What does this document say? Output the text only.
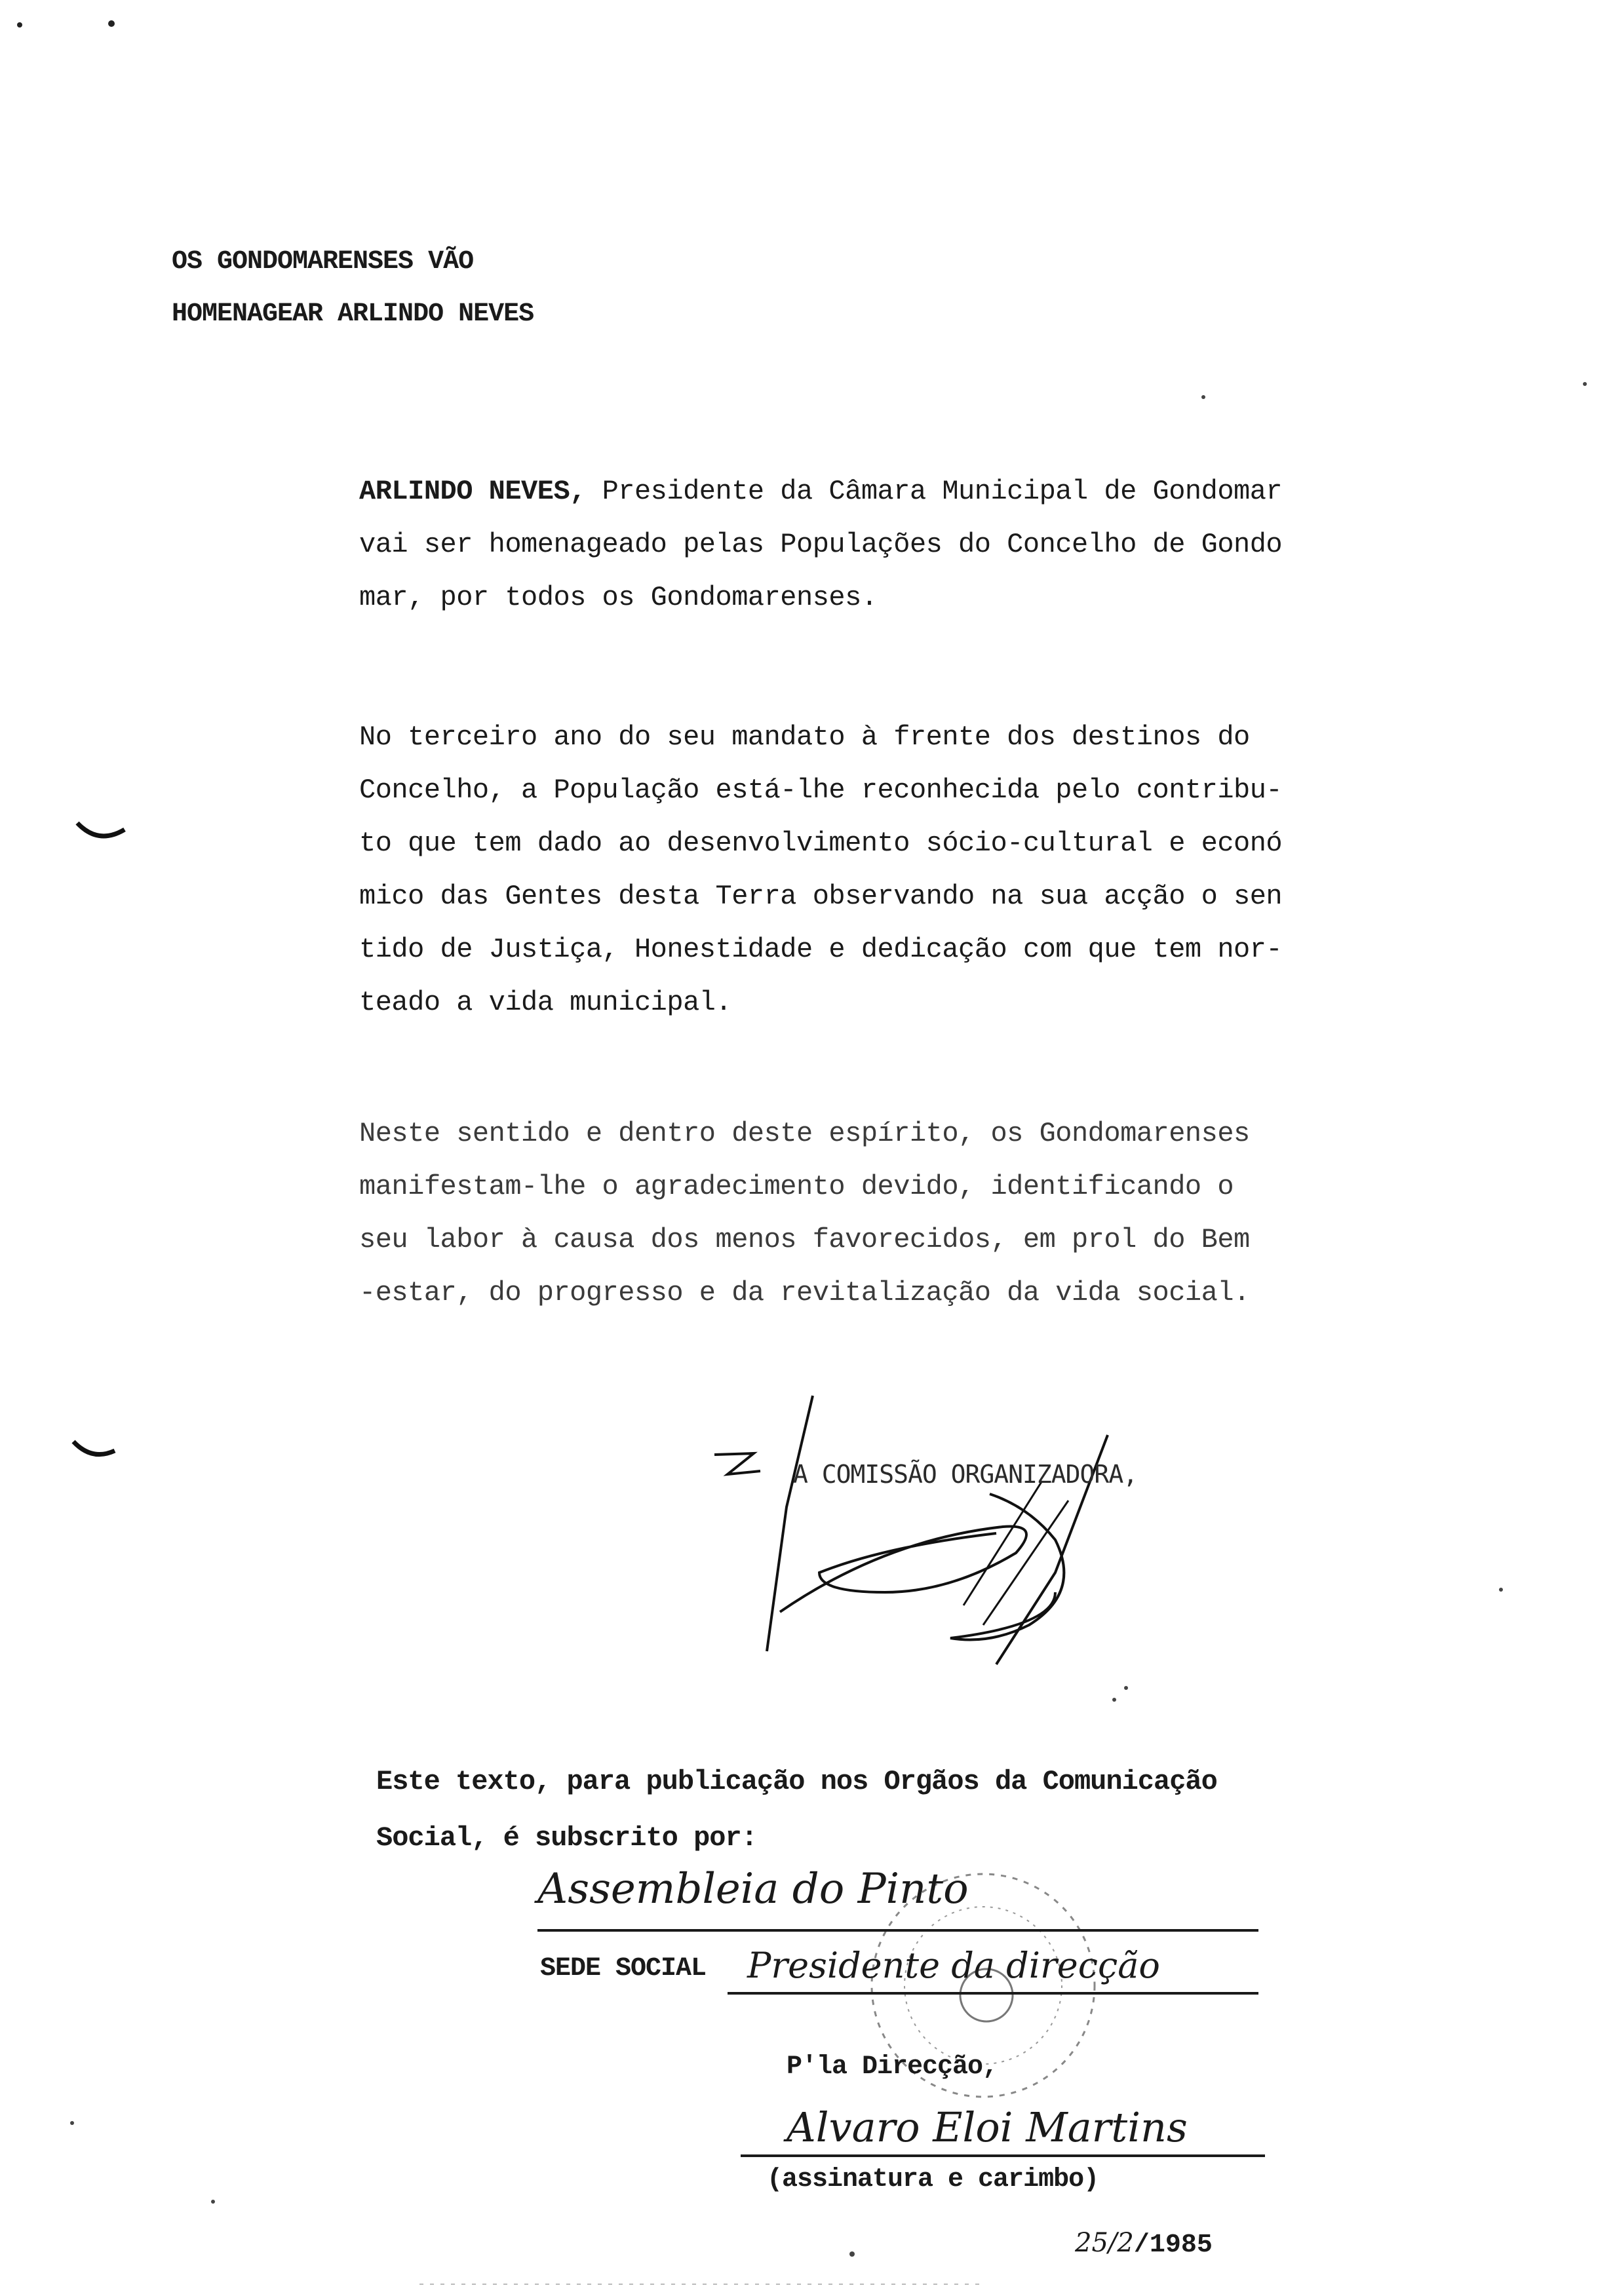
OS GONDOMARENSES VÃO
HOMENAGEAR ARLINDO NEVES
ARLINDO NEVES, Presidente da Câmara Municipal de Gondomar
vai ser homenageado pelas Populações do Concelho de Gondo
mar, por todos os Gondomarenses.
No terceiro ano do seu mandato à frente dos destinos do
Concelho, a População está-lhe reconhecida pelo contribu-
to que tem dado ao desenvolvimento sócio-cultural e econó
mico das Gentes desta Terra observando na sua acção o sen
tido de Justiça, Honestidade e dedicação com que tem nor-
teado a vida municipal.
Neste sentido e dentro deste espírito, os Gondomarenses
manifestam-lhe o agradecimento devido, identificando o
seu labor à causa dos menos favorecidos, em prol do Bem
-estar, do progresso e da revitalização da vida social.
A COMISSÃO ORGANIZADORA,
Este texto, para publicação nos Orgãos da Comunicação
Social, é subscrito por:
Assembleia do Pinto
SEDE SOCIAL Presidente da direcção
P'la Direcção,
Alvaro Eloi Martins
(assinatura e carimbo)
25/2/1985
